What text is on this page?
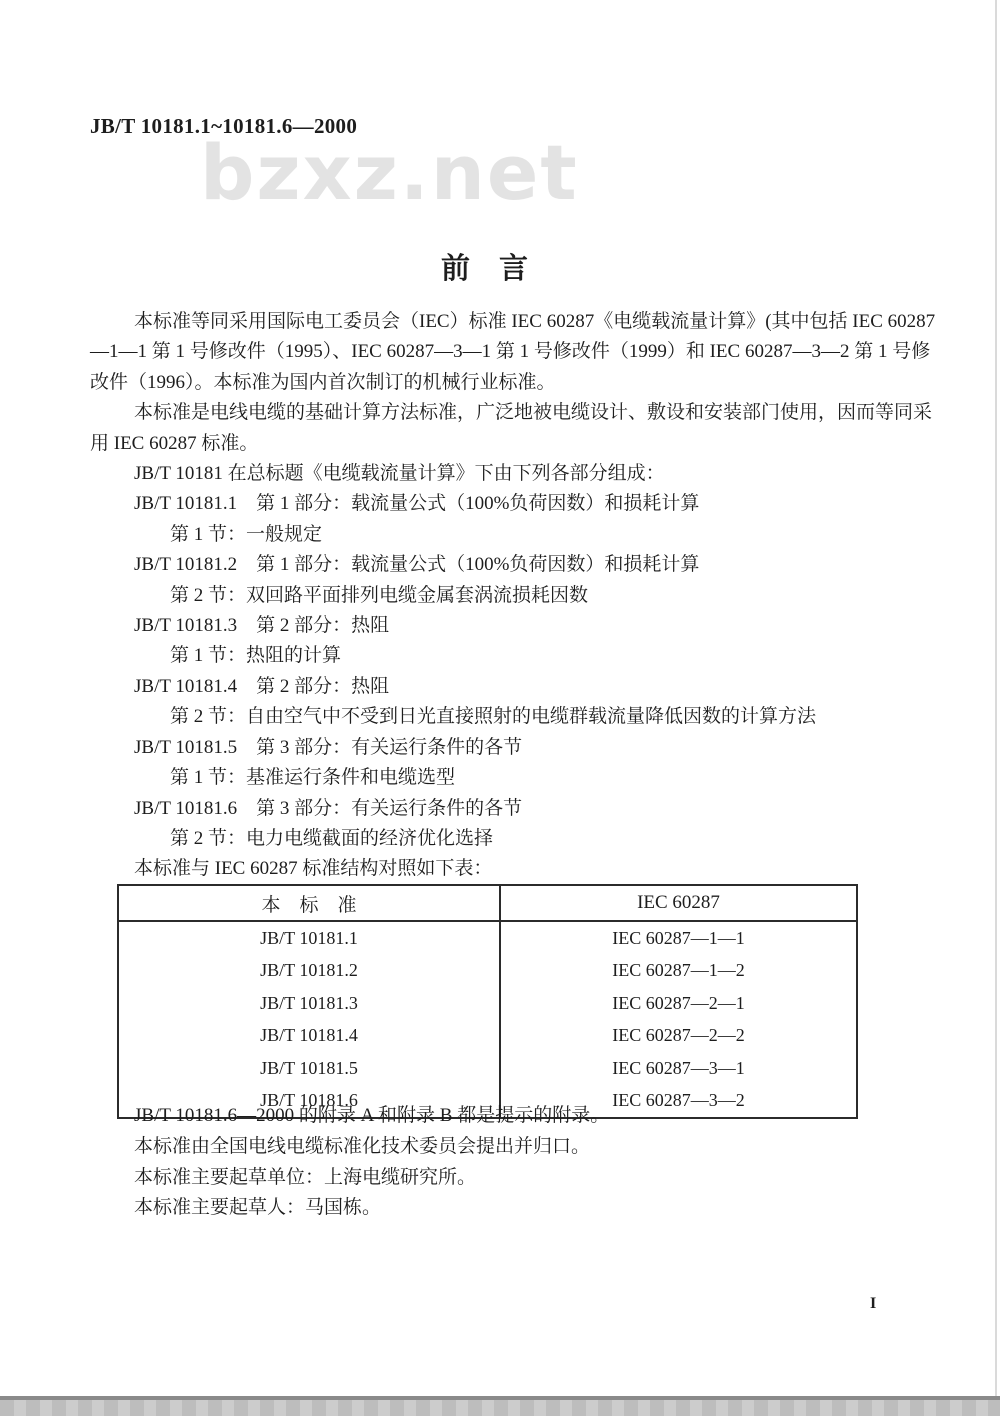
JB/T 10181.1~10181.6—2000
bzxz.net
前　言
本标准等同采用国际电工委员会（IEC）标准 IEC 60287《电缆载流量计算》(其中包括 IEC 60287
—1—1 第 1 号修改件（1995）、IEC 60287—3—1 第 1 号修改件（1999）和 IEC 60287—3—2 第 1 号修
改件（1996）。本标准为国内首次制订的机械行业标准。
本标准是电线电缆的基础计算方法标准，广泛地被电缆设计、敷设和安装部门使用，因而等同采
用 IEC 60287 标准。
JB/T 10181 在总标题《电缆载流量计算》下由下列各部分组成：
JB/T 10181.1　第 1 部分：载流量公式（100%负荷因数）和损耗计算
第 1 节：一般规定
JB/T 10181.2　第 1 部分：载流量公式（100%负荷因数）和损耗计算
第 2 节：双回路平面排列电缆金属套涡流损耗因数
JB/T 10181.3　第 2 部分：热阻
第 1 节：热阻的计算
JB/T 10181.4　第 2 部分：热阻
第 2 节：自由空气中不受到日光直接照射的电缆群载流量降低因数的计算方法
JB/T 10181.5　第 3 部分：有关运行条件的各节
第 1 节：基准运行条件和电缆选型
JB/T 10181.6　第 3 部分：有关运行条件的各节
第 2 节：电力电缆截面的经济优化选择
本标准与 IEC 60287 标准结构对照如下表：
本　标　准	IEC 60287
JB/T 10181.1	IEC 60287—1—1
JB/T 10181.2	IEC 60287—1—2
JB/T 10181.3	IEC 60287—2—1
JB/T 10181.4	IEC 60287—2—2
JB/T 10181.5	IEC 60287—3—1
JB/T 10181.6	IEC 60287—3—2
JB/T 10181.6—2000 的附录 A 和附录 B 都是提示的附录。
本标准由全国电线电缆标准化技术委员会提出并归口。
本标准主要起草单位：上海电缆研究所。
本标准主要起草人：马国栋。
I
